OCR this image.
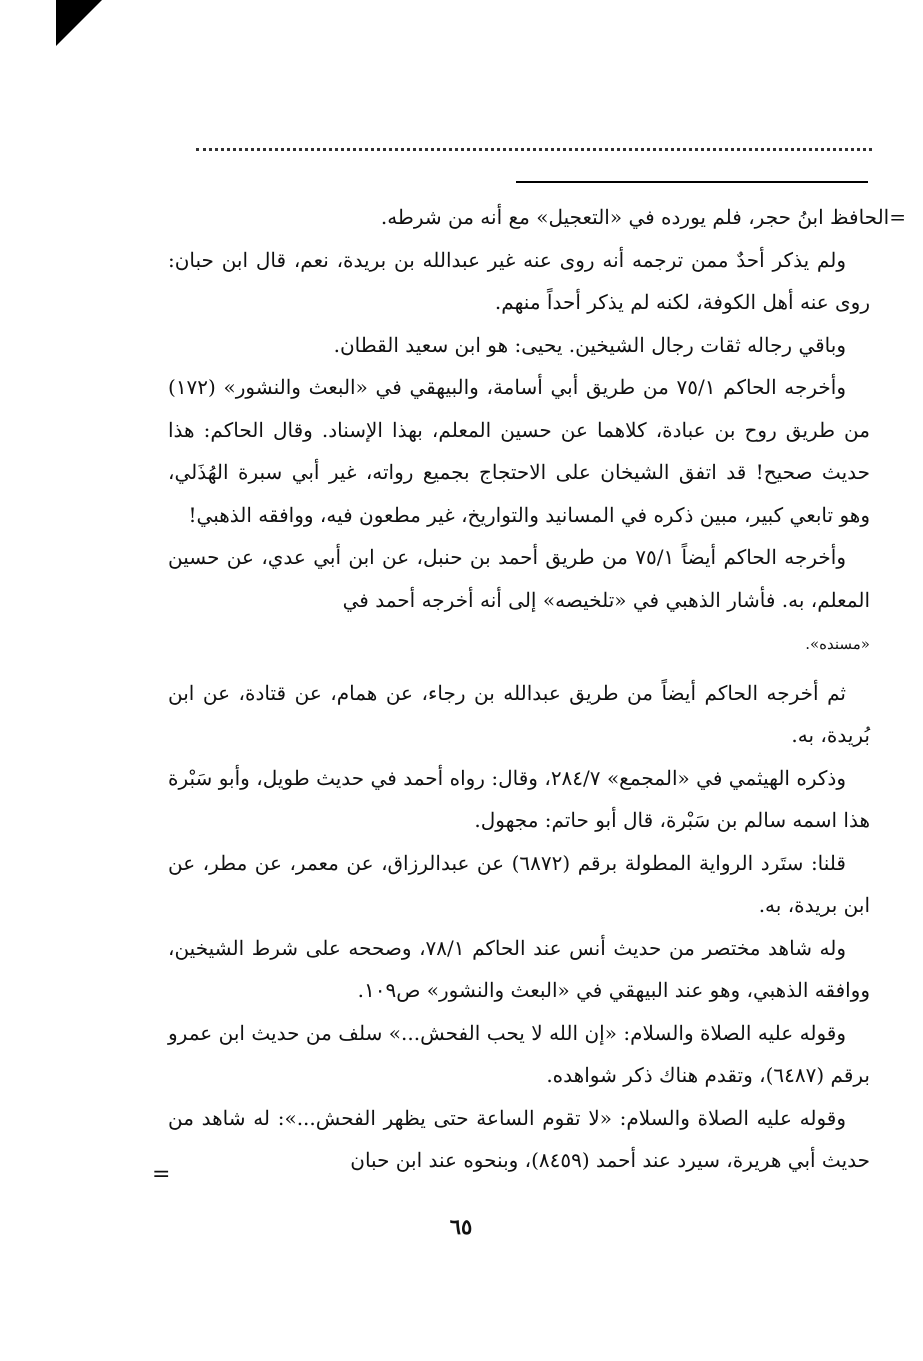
=الحافظ ابنُ حجر، فلم يورده في «التعجيل» مع أنه من شرطه.

ولم يذكر أحدٌ ممن ترجمه أنه روى عنه غير عبدالله بن بريدة، نعم، قال ابن حبان: روى عنه أهل الكوفة، لكنه لم يذكر أحداً منهم.

وباقي رجاله ثقات رجال الشيخين. يحيى: هو ابن سعيد القطان.

وأخرجه الحاكم ٧٥/١ من طريق أبي أسامة، والبيهقي في «البعث والنشور» (١٧٢) من طريق روح بن عبادة، كلاهما عن حسين المعلم، بهذا الإسناد. وقال الحاكم: هذا حديث صحيح! قد اتفق الشيخان على الاحتجاج بجميع رواته، غير أبي سبرة الهُذَلي، وهو تابعي كبير، مبين ذكره في المسانيد والتواريخ، غير مطعون فيه، ووافقه الذهبي!

وأخرجه الحاكم أيضاً ٧٥/١ من طريق أحمد بن حنبل، عن ابن أبي عدي، عن حسين المعلم، به. فأشار الذهبي في «تلخيصه» إلى أنه أخرجه أحمد في

«مسنده».

ثم أخرجه الحاكم أيضاً من طريق عبدالله بن رجاء، عن همام، عن قتادة، عن ابن بُريدة، به.

وذكره الهيثمي في «المجمع» ٢٨٤/٧، وقال: رواه أحمد في حديث طويل، وأبو سَبْرة هذا اسمه سالم بن سَبْرة، قال أبو حاتم: مجهول.

قلنا: ستَرد الرواية المطولة برقم (٦٨٧٢) عن عبدالرزاق، عن معمر، عن مطر، عن ابن بريدة، به.

وله شاهد مختصر من حديث أنس عند الحاكم ٧٨/١، وصححه على شرط الشيخين، ووافقه الذهبي، وهو عند البيهقي في «البعث والنشور» ص١٠٩.

وقوله عليه الصلاة والسلام: «إن الله لا يحب الفحش...» سلف من حديث ابن عمرو برقم (٦٤٨٧)، وتقدم هناك ذكر شواهده.

وقوله عليه الصلاة والسلام: «لا تقوم الساعة حتى يظهر الفحش...»: له شاهد من حديث أبي هريرة، سيرد عند أحمد (٨٤٥٩)، وبنحوه عند ابن حبان

=
٦٥
